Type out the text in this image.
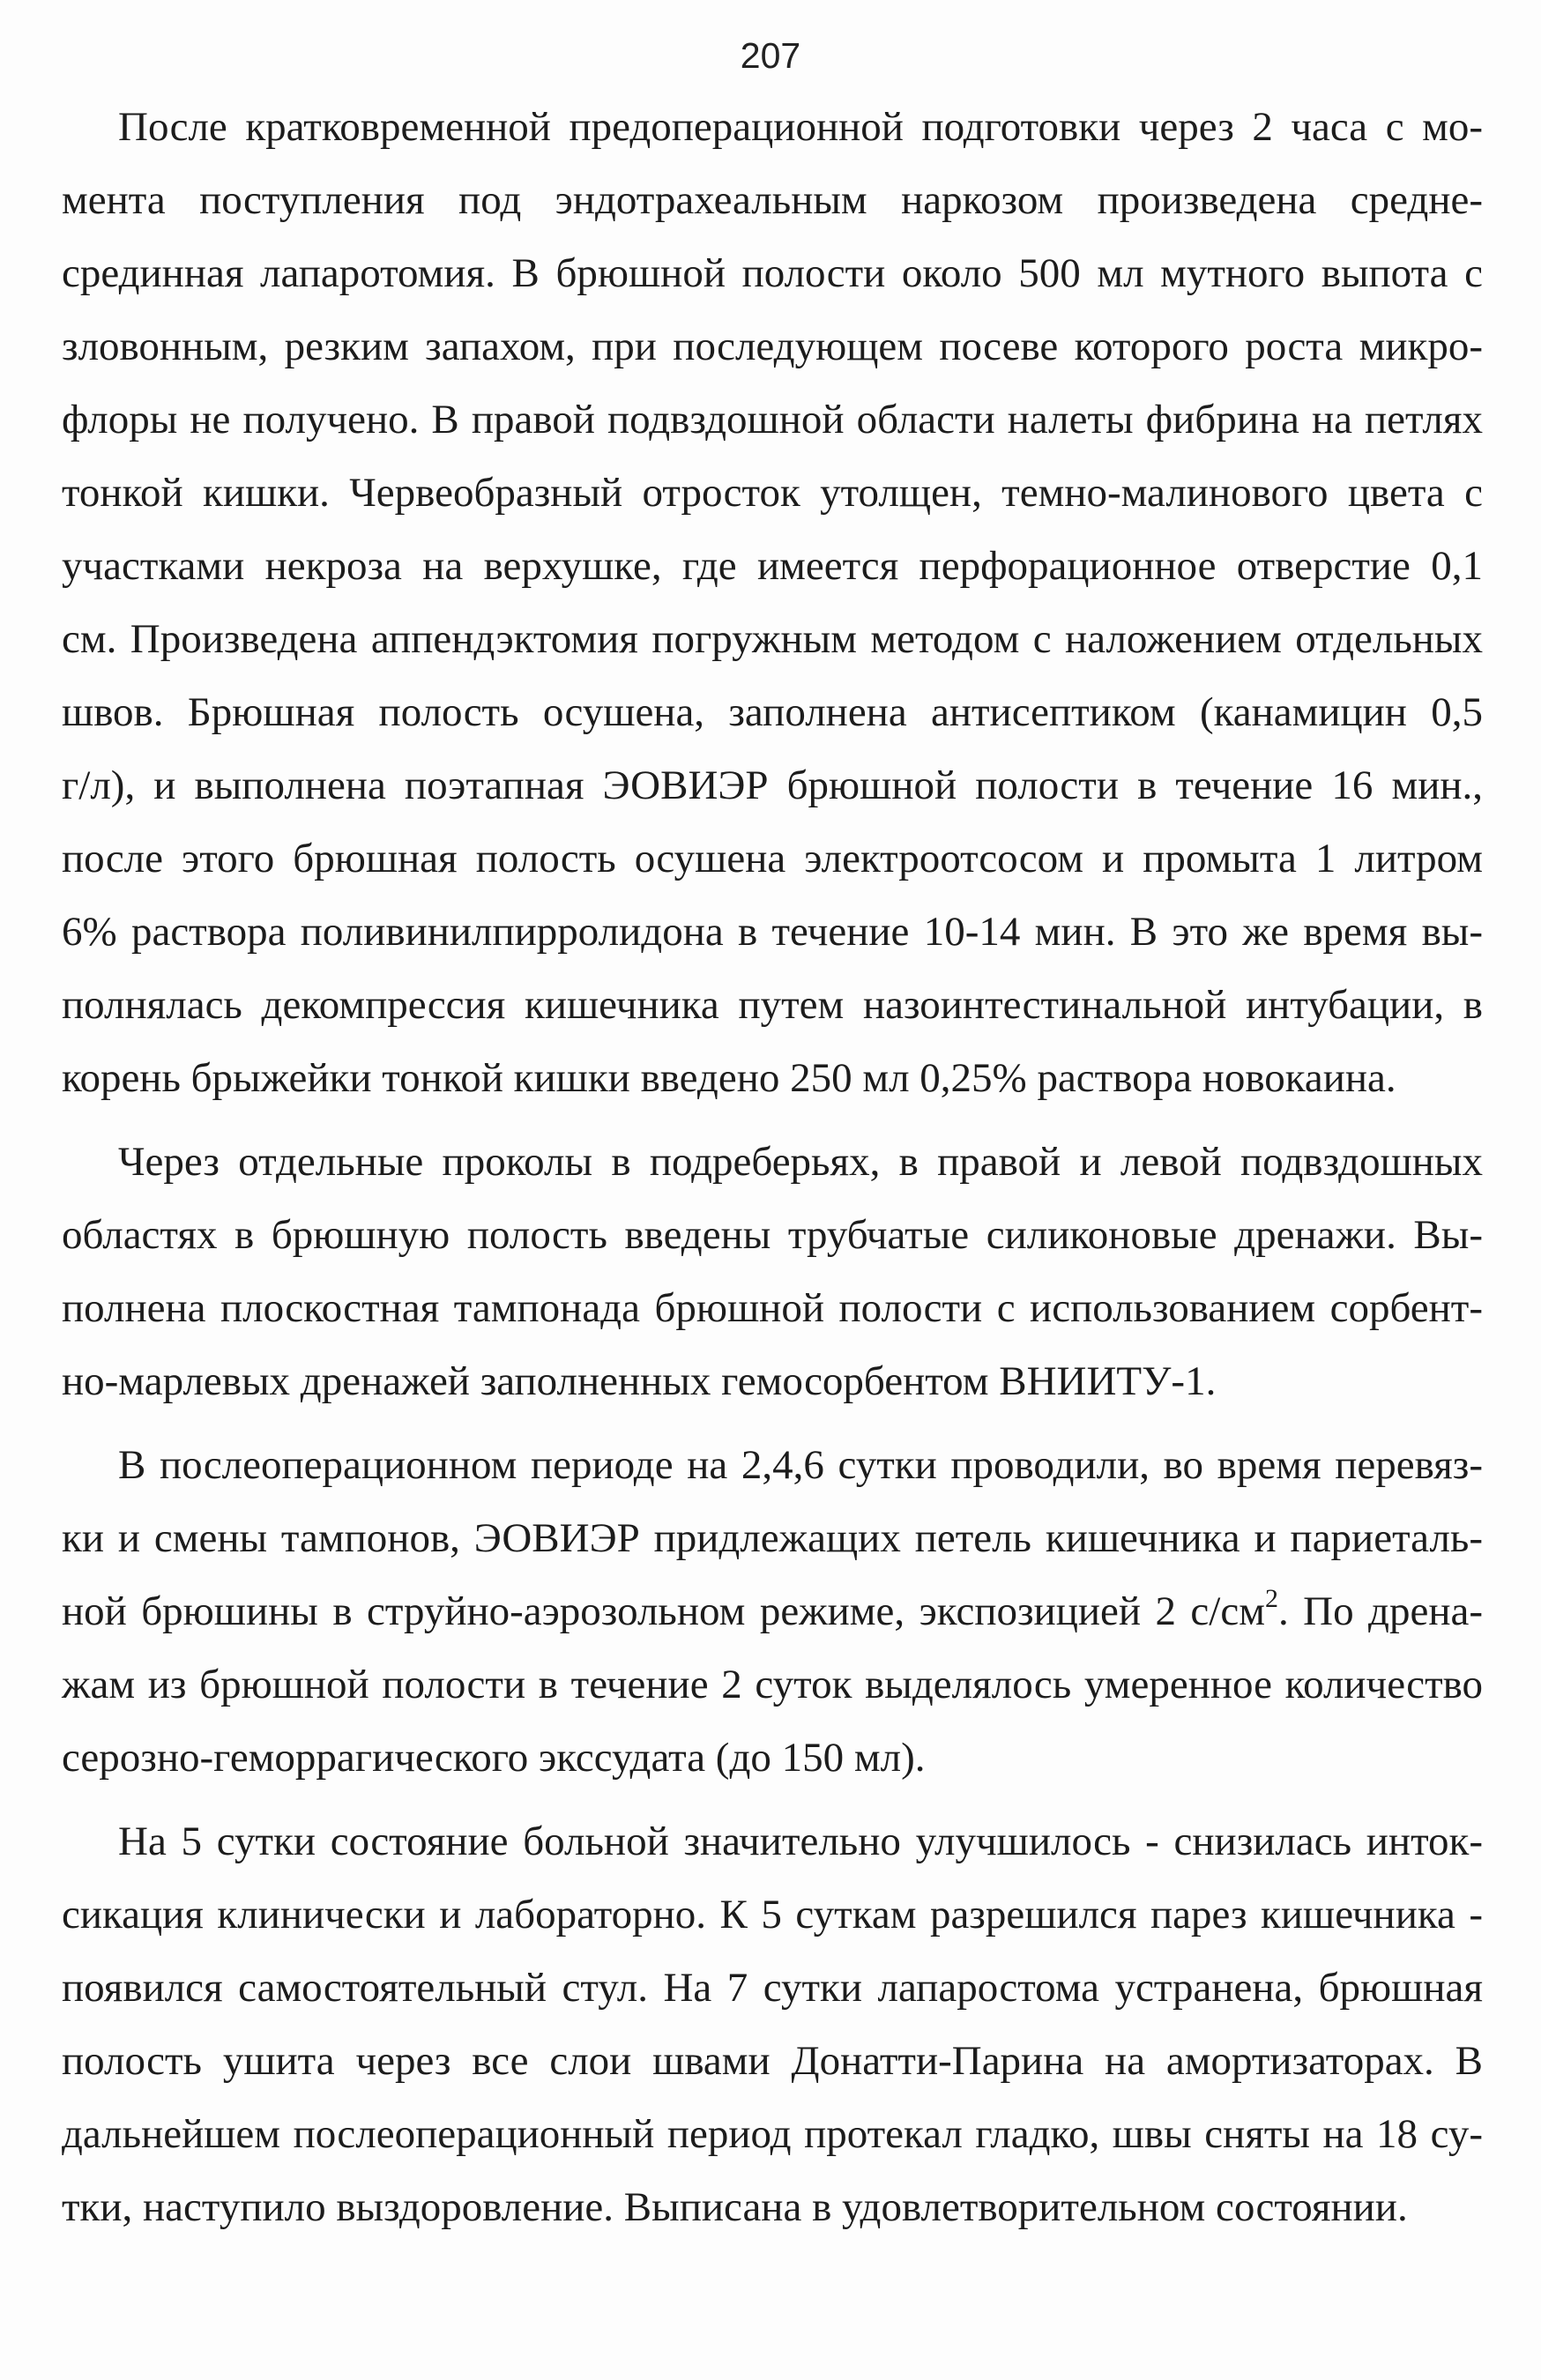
207
После кратковременной предоперационной подготовки через 2 часа с мо-
мента поступления под эндотрахеальным наркозом произведена средне-
срединная лапаротомия. В брюшной полости около 500 мл мутного выпота с
зловонным, резким запахом, при последующем посеве которого роста микро-
флоры не получено. В правой подвздошной области налеты фибрина на петлях
тонкой кишки. Червеобразный отросток утолщен, темно-малинового цвета с
участками некроза на верхушке, где имеется перфорационное отверстие 0,1
см. Произведена аппендэктомия погружным методом с наложением отдельных
швов. Брюшная полость осушена, заполнена антисептиком (канамицин 0,5
г/л), и выполнена поэтапная ЭОВИЭР брюшной полости в течение 16 мин.,
после этого брюшная полость осушена электроотсосом и промыта 1 литром
6% раствора поливинилпирролидона в течение 10-14 мин. В это же время вы-
полнялась декомпрессия кишечника путем назоинтестинальной интубации, в
корень брыжейки тонкой кишки введено 250 мл 0,25% раствора новокаина.
Через отдельные проколы в подреберьях, в правой и левой подвздошных
областях в брюшную полость введены трубчатые силиконовые дренажи. Вы-
полнена плоскостная тампонада брюшной полости с использованием сорбент-
но-марлевых дренажей заполненных гемосорбентом ВНИИТУ-1.
В послеоперационном периоде на 2,4,6 сутки проводили, во время перевяз-
ки и смены тампонов, ЭОВИЭР придлежащих петель кишечника и париеталь-
ной брюшины в струйно-аэрозольном режиме, экспозицией 2 $с/см^2$. По дрена-
жам из брюшной полости в течение 2 суток выделялось умеренное количество
серозно-геморрагического экссудата (до 150 мл).
На 5 сутки состояние больной значительно улучшилось - снизилась инток-
сикация клинически и лабораторно. К 5 суткам разрешился парез кишечника -
появился самостоятельный стул. На 7 сутки лапаростома устранена, брюшная
полость ушита через все слои швами Донатти-Парина на амортизаторах. В
дальнейшем послеоперационный период протекал гладко, швы сняты на 18 су-
тки, наступило выздоровление. Выписана в удовлетворительном состоянии.
